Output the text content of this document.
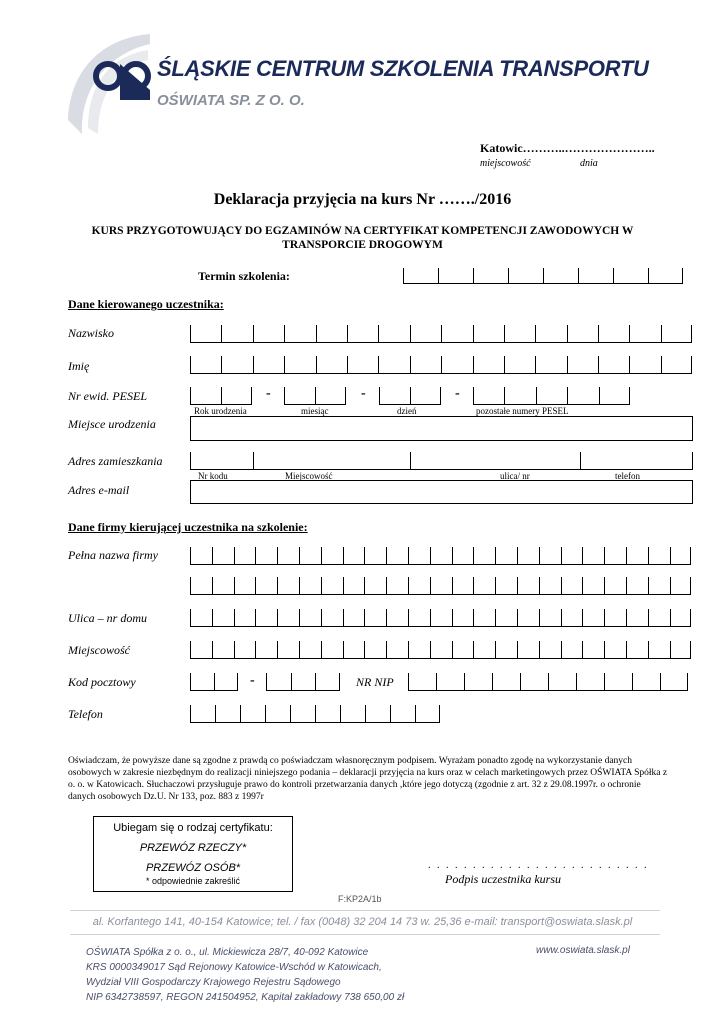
ŚLĄSKIE CENTRUM SZKOLENIA TRANSPORTU
OŚWIATA SP. Z O. O.
Katowic………..…………………..
miejscowość	dnia
Deklaracja przyjęcia na kurs Nr ……./2016
KURS PRZYGOTOWUJĄCY DO EGZAMINÓW NA CERTYFIKAT KOMPETENCJI ZAWODOWYCH W TRANSPORCIE DROGOWYM
Termin szkolenia:
Dane kierowanego uczestnika:
Nazwisko
Imię
Nr ewid. PESEL	-	-	-
Rok urodzenia	miesiąc	dzień	pozostałe numery PESEL
Miejsce urodzenia
Adres zamieszkania
Nr kodu	Miejscowość	ulica/ nr	telefon
Adres e-mail
Dane firmy kierującej uczestnika na szkolenie:
Pełna nazwa firmy
Ulica – nr domu
Miejscowość
Kod pocztowy	-	NR NIP
Telefon
Oświadczam, że powyższe dane są zgodne z prawdą co poświadczam własnoręcznym podpisem. Wyrażam ponadto zgodę na wykorzystanie danych osobowych w zakresie niezbędnym do realizacji niniejszego podania – deklaracji przyjęcia na kurs oraz w celach marketingowych przez OŚWIATA Spółka z o. o. w Katowicach. Słuchaczowi przysługuje prawo do kontroli przetwarzania danych ,które jego dotyczą (zgodnie z art. 32 z 29.08.1997r. o ochronie danych osobowych Dz.U. Nr 133, poz. 883 z 1997r
Ubiegam się o rodzaj certyfikatu:
PRZEWÓZ RZECZY*
PRZEWÓZ OSÓB*
* odpowiednie zakreślić
. . . . . . . . . . . . . . . . . . . . . . . . .
Podpis uczestnika kursu
F:KP2A/1b
al. Korfantego 141, 40-154 Katowice; tel. / fax (0048) 32 204 14 73 w. 25,36 e-mail: transport@oswiata.slask.pl
OŚWIATA Spółka z o. o., ul. Mickiewicza 28/7, 40-092 Katowice
KRS 0000349017 Sąd Rejonowy Katowice-Wschód w Katowicach,
Wydział VIII Gospodarczy Krajowego Rejestru Sądowego
NIP 6342738597, REGON 241504952, Kapitał zakładowy 738 650,00 zł
www.oswiata.slask.pl
